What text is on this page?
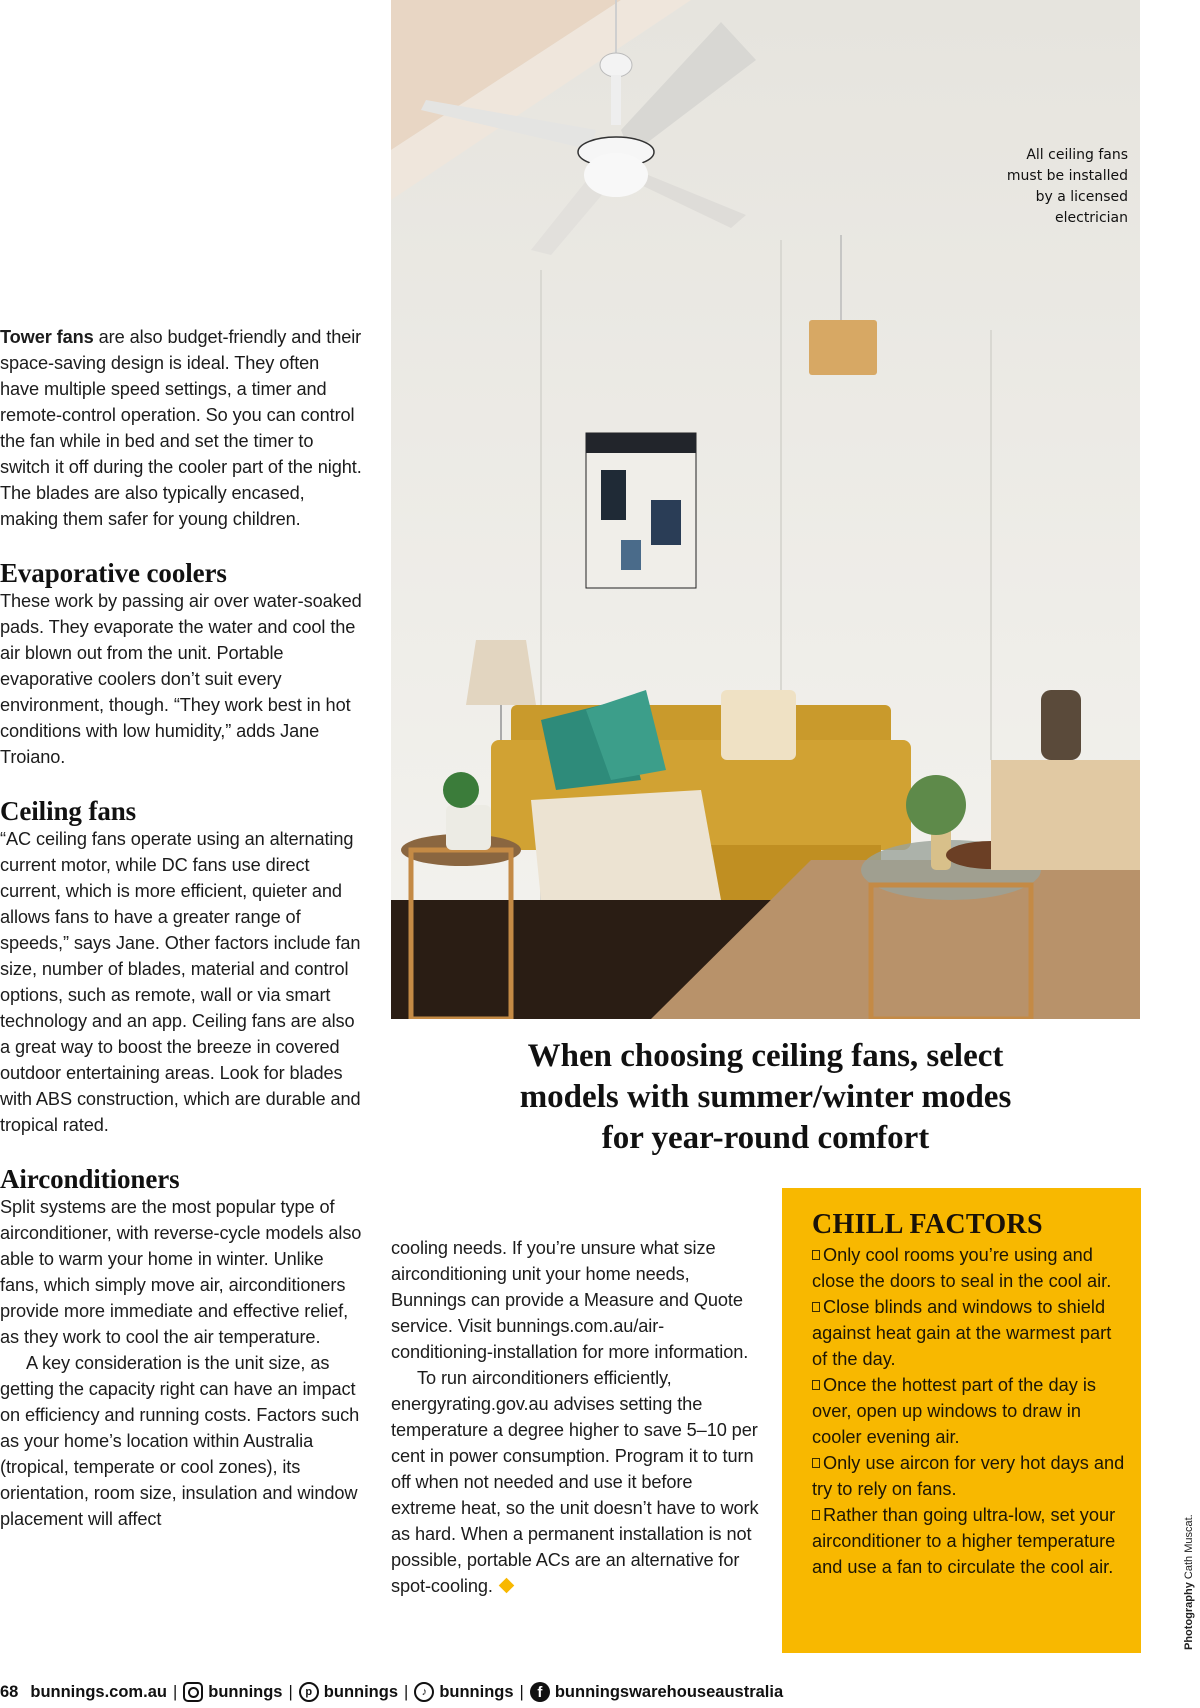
All ceiling fans
must be installed
by a licensed
electrician

Tower fans are also budget-friendly and their space-saving design is ideal. They often have multiple speed settings, a timer and remote-control operation. So you can control the fan while in bed and set the timer to switch it off during the cooler part of the night. The blades are also typically encased, making them safer for young children.

Evaporative coolers

These work by passing air over water-soaked pads. They evaporate the water and cool the air blown out from the unit. Portable evaporative coolers don’t suit every environment, though. “They work best in hot conditions with low humidity,” adds Jane Troiano.

Ceiling fans

“AC ceiling fans operate using an alternating current motor, while DC fans use direct current, which is more efficient, quieter and allows fans to have a greater range of speeds,” says Jane. Other factors include fan size, number of blades, material and control options, such as remote, wall or via smart technology and an app. Ceiling fans are also a great way to boost the breeze in covered outdoor entertaining areas. Look for blades with ABS construction, which are durable and tropical rated.

Airconditioners

Split systems are the most popular type of airconditioner, with reverse-cycle models also able to warm your home in winter. Unlike fans, which simply move air, airconditioners provide more immediate and effective relief, as they work to cool the air temperature.

A key consideration is the unit size, as getting the capacity right can have an impact on efficiency and running costs. Factors such as your home’s location within Australia (tropical, temperate or cool zones), its orientation, room size, insulation and window placement will affect

When choosing ceiling fans, select
models with summer/winter modes
for year-round comfort

cooling needs. If you’re unsure what size airconditioning unit your home needs, Bunnings can provide a Measure and Quote service. Visit bunnings.com.au/air-conditioning-installation for more information.

To run airconditioners efficiently, energyrating.gov.au advises setting the temperature a degree higher to save 5–10 per cent in power consumption. Program it to turn off when not needed and use it before extreme heat, so the unit doesn’t have to work as hard. When a permanent installation is not possible, portable ACs are an alternative for spot-cooling.

CHILL FACTORS
Only cool rooms you’re using and close the doors to seal in the cool air.
Close blinds and windows to shield against heat gain at the warmest part of the day.
Once the hottest part of the day is over, open up windows to draw in cooler evening air.
Only use aircon for very hot days and try to rely on fans.
Rather than going ultra-low, set your airconditioner to a higher temperature and use a fan to circulate the cool air.
Photography Cath Muscat.
68 bunnings.com.au | bunnings |	p bunnings |	♪ bunnings | f bunningswarehouseaustralia
